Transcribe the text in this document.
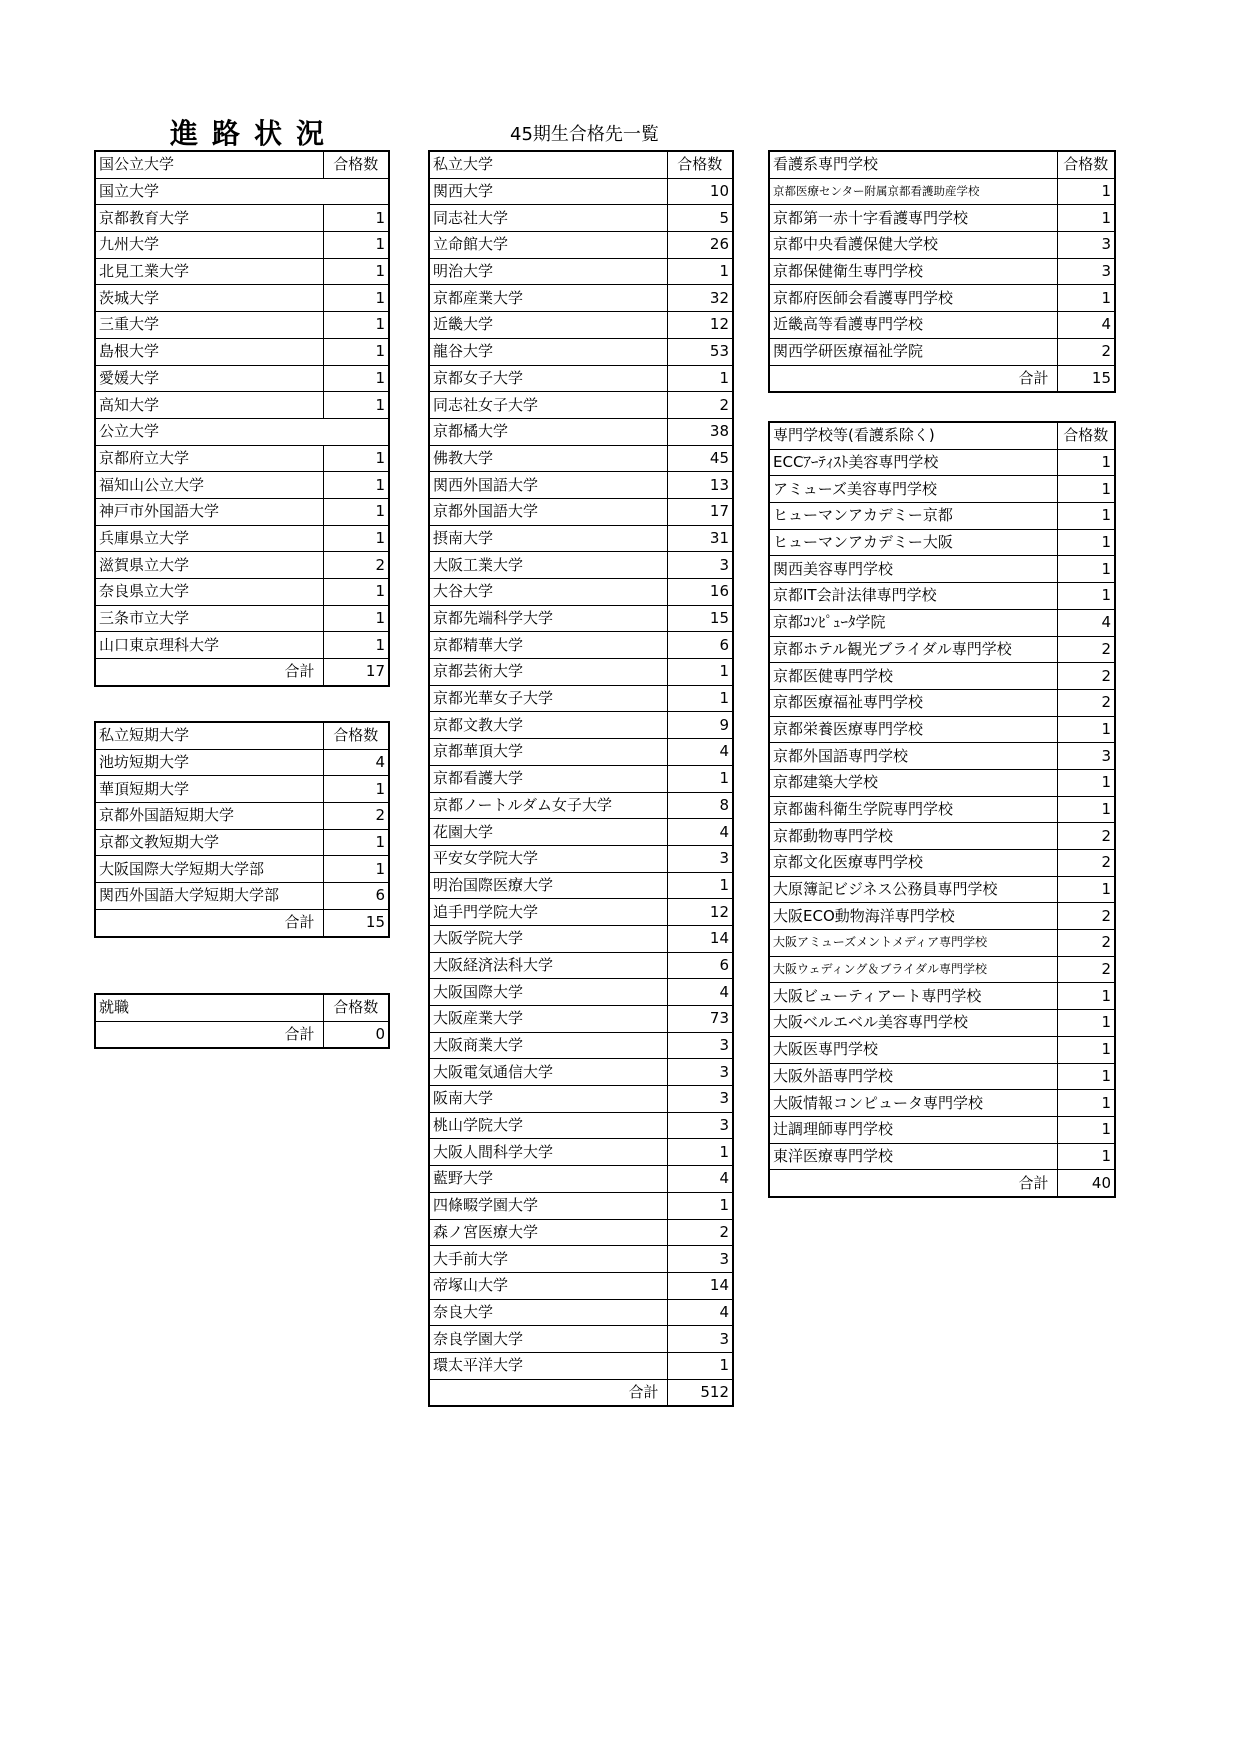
進路状況	45期生合格先一覧
国公立大学	合格数
国立大学	
京都教育大学	1
九州大学	1
北見工業大学	1
茨城大学	1
三重大学	1
島根大学	1
愛媛大学	1
高知大学	1
公立大学	
京都府立大学	1
福知山公立大学	1
神戸市外国語大学	1
兵庫県立大学	1
滋賀県立大学	2
奈良県立大学	1
三条市立大学	1
山口東京理科大学	1
合計	17
私立短期大学	合格数
池坊短期大学	4
華頂短期大学	1
京都外国語短期大学	2
京都文教短期大学	1
大阪国際大学短期大学部	1
関西外国語大学短期大学部	6
合計	15
就職	合格数
合計	0
私立大学	合格数
関西大学	10
同志社大学	5
立命館大学	26
明治大学	1
京都産業大学	32
近畿大学	12
龍谷大学	53
京都女子大学	1
同志社女子大学	2
京都橘大学	38
佛教大学	45
関西外国語大学	13
京都外国語大学	17
摂南大学	31
大阪工業大学	3
大谷大学	16
京都先端科学大学	15
京都精華大学	6
京都芸術大学	1
京都光華女子大学	1
京都文教大学	9
京都華頂大学	4
京都看護大学	1
京都ノートルダム女子大学	8
花園大学	4
平安女学院大学	3
明治国際医療大学	1
追手門学院大学	12
大阪学院大学	14
大阪経済法科大学	6
大阪国際大学	4
大阪産業大学	73
大阪商業大学	3
大阪電気通信大学	3
阪南大学	3
桃山学院大学	3
大阪人間科学大学	1
藍野大学	4
四條畷学園大学	1
森ノ宮医療大学	2
大手前大学	3
帝塚山大学	14
奈良大学	4
奈良学園大学	3
環太平洋大学	1
合計	512
看護系専門学校	合格数
京都医療センター附属京都看護助産学校	1
京都第一赤十字看護専門学校	1
京都中央看護保健大学校	3
京都保健衛生専門学校	3
京都府医師会看護専門学校	1
近畿高等看護専門学校	4
関西学研医療福祉学院	2
合計	15
専門学校等(看護系除く)	合格数
ECCｱｰﾃｨｽﾄ美容専門学校	1
アミューズ美容専門学校	1
ヒューマンアカデミー京都	1
ヒューマンアカデミー大阪	1
関西美容専門学校	1
京都IT会計法律専門学校	1
京都ｺﾝﾋﾟｭｰﾀ学院	4
京都ホテル観光ブライダル専門学校	2
京都医健専門学校	2
京都医療福祉専門学校	2
京都栄養医療専門学校	1
京都外国語専門学校	3
京都建築大学校	1
京都歯科衛生学院専門学校	1
京都動物専門学校	2
京都文化医療専門学校	2
大原簿記ビジネス公務員専門学校	1
大阪ECO動物海洋専門学校	2
大阪アミューズメントメディア専門学校	2
大阪ウェディング＆ブライダル専門学校	2
大阪ビューティアート専門学校	1
大阪ベルエベル美容専門学校	1
大阪医専門学校	1
大阪外語専門学校	1
大阪情報コンピュータ専門学校	1
辻調理師専門学校	1
東洋医療専門学校	1
合計	40
